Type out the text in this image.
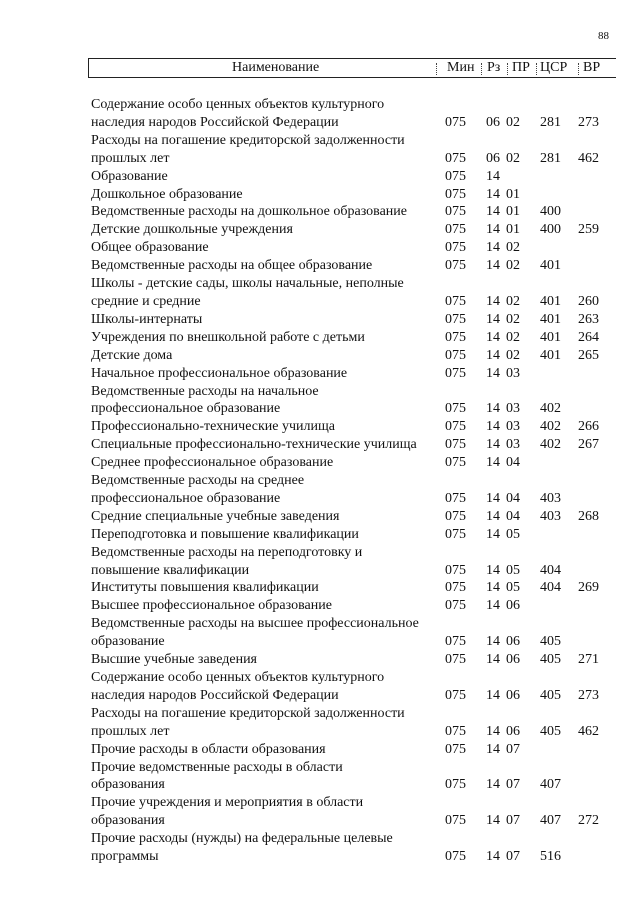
88
Наименование	Мин Рз ПР ЦСР ВР
Содержание особо ценных объектов культурного
наследия народов Российской Федерации	075 06 02 281 273
Расходы на погашение кредиторской задолженности
прошлых лет	075 06 02 281 462
Образование	075 14
Дошкольное образование	075 14 01
Ведомственные расходы на дошкольное образование	075 14 01 400
Детские дошкольные учреждения	075 14 01 400 259
Общее образование	075 14 02
Ведомственные расходы на общее образование	075 14 02 401
Школы - детские сады, школы начальные, неполные
средние и средние	075 14 02 401 260
Школы-интернаты	075 14 02 401 263
Учреждения по внешкольной работе с детьми	075 14 02 401 264
Детские дома	075 14 02 401 265
Начальное профессиональное образование	075 14 03
Ведомственные расходы на начальное
профессиональное образование	075 14 03 402
Профессионально-технические училища	075 14 03 402 266
Специальные профессионально-технические училища	075 14 03 402 267
Среднее профессиональное образование	075 14 04
Ведомственные расходы на среднее
профессиональное образование	075 14 04 403
Средние специальные учебные заведения	075 14 04 403 268
Переподготовка и повышение квалификации	075 14 05
Ведомственные расходы на переподготовку и
повышение квалификации	075 14 05 404
Институты повышения квалификации	075 14 05 404 269
Высшее профессиональное образование	075 14 06
Ведомственные расходы на высшее профессиональное
образование	075 14 06 405
Высшие учебные заведения	075 14 06 405 271
Содержание особо ценных объектов культурного
наследия народов Российской Федерации	075 14 06 405 273
Расходы на погашение кредиторской задолженности
прошлых лет	075 14 06 405 462
Прочие расходы в области образования	075 14 07
Прочие ведомственные расходы в области
образования	075 14 07 407
Прочие учреждения и мероприятия в области
образования	075 14 07 407 272
Прочие расходы (нужды) на федеральные целевые
программы	075 14 07 516
